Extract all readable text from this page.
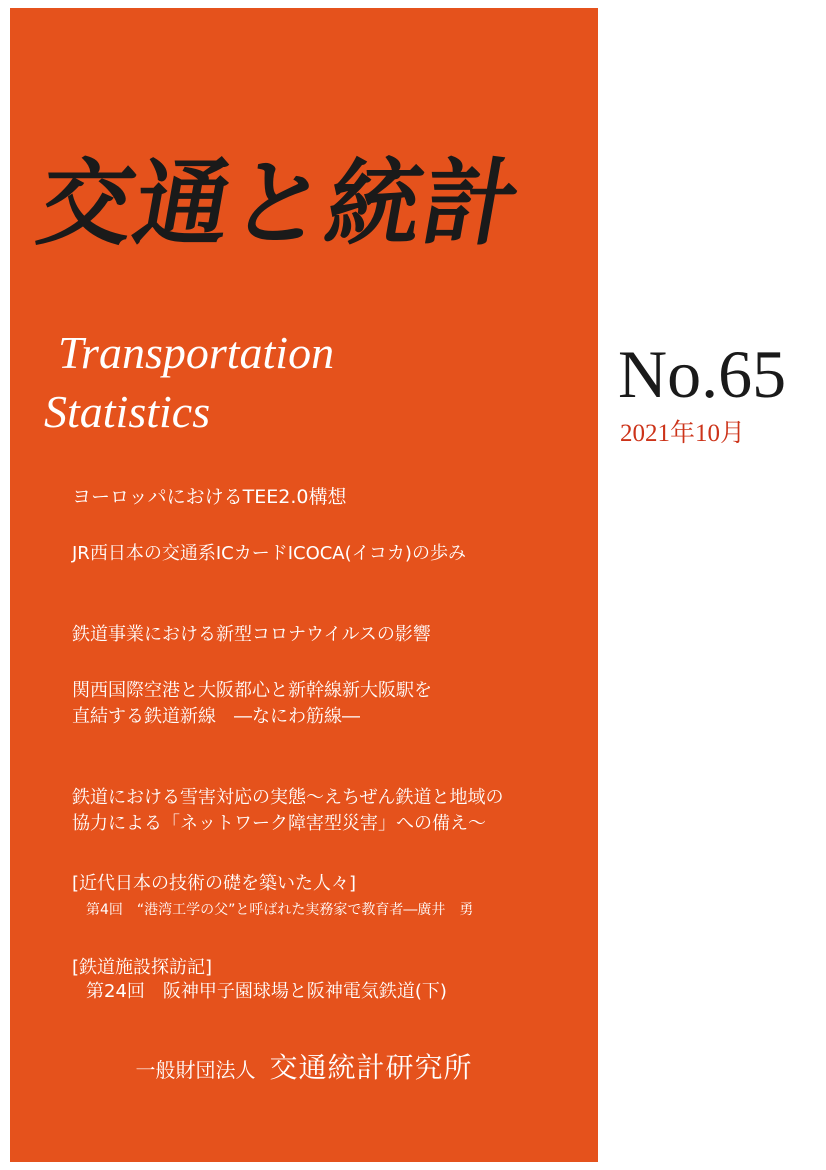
交通と統計
Transportation
Statistics	No.65
2021年10月
ヨーロッパにおけるTEE2.0構想
JR西日本の交通系ICカードICOCA(イコカ)の歩み
鉄道事業における新型コロナウイルスの影響
関西国際空港と大阪都心と新幹線新大阪駅を
直結する鉄道新線　―なにわ筋線―
鉄道における雪害対応の実態～えちぜん鉄道と地域の
協力による「ネットワーク障害型災害」への備え～
[近代日本の技術の礎を築いた人々]
第4回　“港湾工学の父”と呼ばれた実務家で教育者―廣井　勇
[鉄道施設探訪記]
第24回　阪神甲子園球場と阪神電気鉄道(下)
一般財団法人 交通統計研究所
